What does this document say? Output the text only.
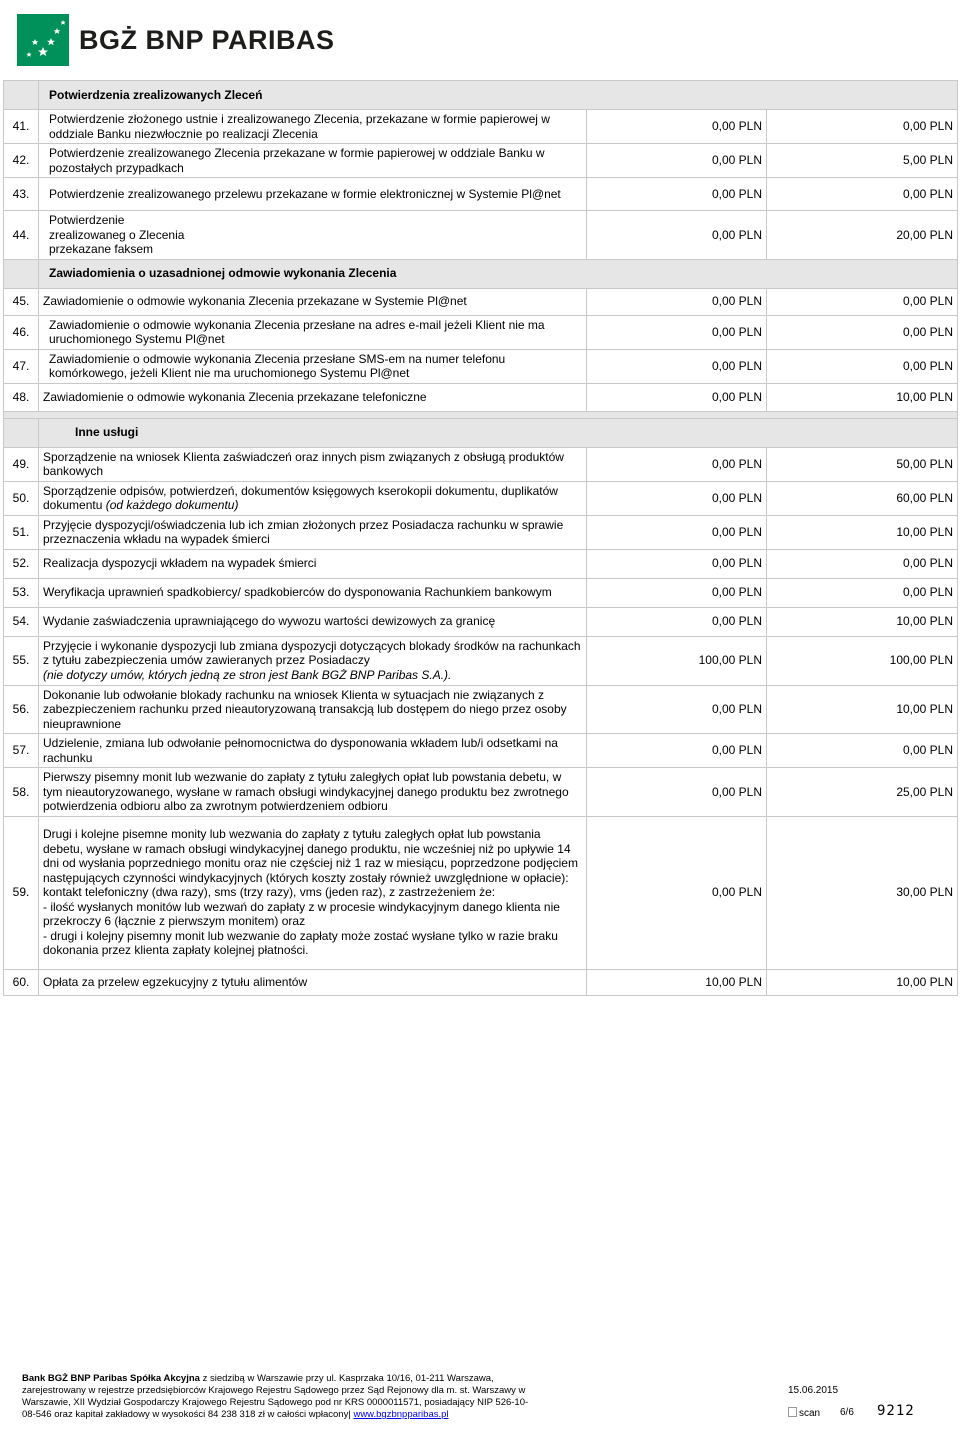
BGŻ BNP PARIBAS
	Potwierdzenia zrealizowanych Zleceń		
41.	Potwierdzenie złożonego ustnie i zrealizowanego Zlecenia, przekazane w formie papierowej w oddziale Banku niezwłocznie po realizacji Zlecenia	0,00 PLN	0,00 PLN
42.	Potwierdzenie zrealizowanego Zlecenia przekazane w formie papierowej w oddziale Banku w pozostałych przypadkach	0,00 PLN	5,00 PLN
43.	Potwierdzenie zrealizowanego przelewu przekazane w formie elektronicznej w Systemie Pl@net	0,00 PLN	0,00 PLN
44.	Potwierdzenie zrealizowaneg o Zlecenia przekazane faksem	0,00 PLN	20,00 PLN
	Zawiadomienia o uzasadnionej odmowie wykonania Zlecenia		
45.	Zawiadomienie o odmowie wykonania Zlecenia przekazane w Systemie Pl@net	0,00 PLN	0,00 PLN
46.	Zawiadomienie o odmowie wykonania Zlecenia przesłane na adres e-mail jeżeli Klient nie ma uruchomionego Systemu Pl@net	0,00 PLN	0,00 PLN
47.	Zawiadomienie o odmowie wykonania Zlecenia przesłane SMS-em na numer telefonu komórkowego, jeżeli Klient nie ma uruchomionego Systemu Pl@net	0,00 PLN	0,00 PLN
48.	Zawiadomienie o odmowie wykonania Zlecenia przekazane telefoniczne	0,00 PLN	10,00 PLN

	Inne usługi		
49.	Sporządzenie na wniosek Klienta zaświadczeń oraz innych pism związanych z obsługą produktów bankowych	0,00 PLN	50,00 PLN
50.	Sporządzenie odpisów, potwierdzeń, dokumentów księgowych kserokopii dokumentu, duplikatów dokumentu (od każdego dokumentu)	0,00 PLN	60,00 PLN
51.	Przyjęcie dyspozycji/oświadczenia lub ich zmian złożonych przez Posiadacza rachunku w sprawie przeznaczenia wkładu na wypadek śmierci	0,00 PLN	10,00 PLN
52.	Realizacja dyspozycji wkładem na wypadek śmierci	0,00 PLN	0,00 PLN
53.	Weryfikacja uprawnień spadkobiercy/ spadkobierców do dysponowania Rachunkiem bankowym	0,00 PLN	0,00 PLN
54.	Wydanie zaświadczenia uprawniającego do wywozu wartości dewizowych za granicę	0,00 PLN	10,00 PLN
55.	Przyjęcie i wykonanie dyspozycji lub zmiana dyspozycji dotyczących blokady środków na rachunkach z tytułu zabezpieczenia umów zawieranych przez Posiadaczy
(nie dotyczy umów, których jedną ze stron jest Bank BGŻ BNP Paribas S.A.).	100,00 PLN	100,00 PLN
56.	Dokonanie lub odwołanie blokady rachunku na wniosek Klienta w sytuacjach nie związanych z zabezpieczeniem rachunku przed nieautoryzowaną transakcją lub dostępem do niego przez osoby nieuprawnione	0,00 PLN	10,00 PLN
57.	Udzielenie, zmiana lub odwołanie pełnomocnictwa do dysponowania wkładem lub/i odsetkami na rachunku	0,00 PLN	0,00 PLN
58.	Pierwszy pisemny monit lub wezwanie do zapłaty z tytułu zaległych opłat lub powstania debetu, w tym nieautoryzowanego, wysłane w ramach obsługi windykacyjnej danego produktu bez zwrotnego potwierdzenia odbioru albo za zwrotnym potwierdzeniem odbioru	0,00 PLN	25,00 PLN
59.	Drugi i kolejne pisemne monity lub wezwania do zapłaty z tytułu zaległych opłat lub powstania debetu, wysłane w ramach obsługi windykacyjnej danego produktu, nie wcześniej niż po upływie 14 dni od wysłania poprzedniego monitu oraz nie częściej niż 1 raz w miesiącu, poprzedzone podjęciem następujących czynności windykacyjnych (których koszty zostały również uwzględnione w opłacie): kontakt telefoniczny (dwa razy), sms (trzy razy), vms (jeden raz), z zastrzeżeniem że:
- ilość wysłanych monitów lub wezwań do zapłaty z w procesie windykacyjnym danego klienta nie przekroczy 6 (łącznie z pierwszym monitem) oraz
- drugi i kolejny pisemny monit lub wezwanie do zapłaty może zostać wysłane tylko w razie braku dokonania przez klienta zapłaty kolejnej płatności.	0,00 PLN	30,00 PLN
60.	Opłata za przelew egzekucyjny z tytułu alimentów	10,00 PLN	10,00 PLN
Bank BGŻ BNP Paribas Spółka Akcyjna z siedzibą w Warszawie przy ul. Kasprzaka 10/16, 01-211 Warszawa,
zarejestrowany w rejestrze przedsiębiorców Krajowego Rejestru Sądowego przez Sąd Rejonowy dla m. st. Warszawy w
Warszawie, XII Wydział Gospodarczy Krajowego Rejestru Sądowego pod nr KRS 0000011571, posiadający NIP 526-10-
08-546 oraz kapitał zakładowy w wysokości 84 238 318 zł w całości wpłacony| www.bgzbnpparibas.pl
15.06.2015
scan 6/6 9212
